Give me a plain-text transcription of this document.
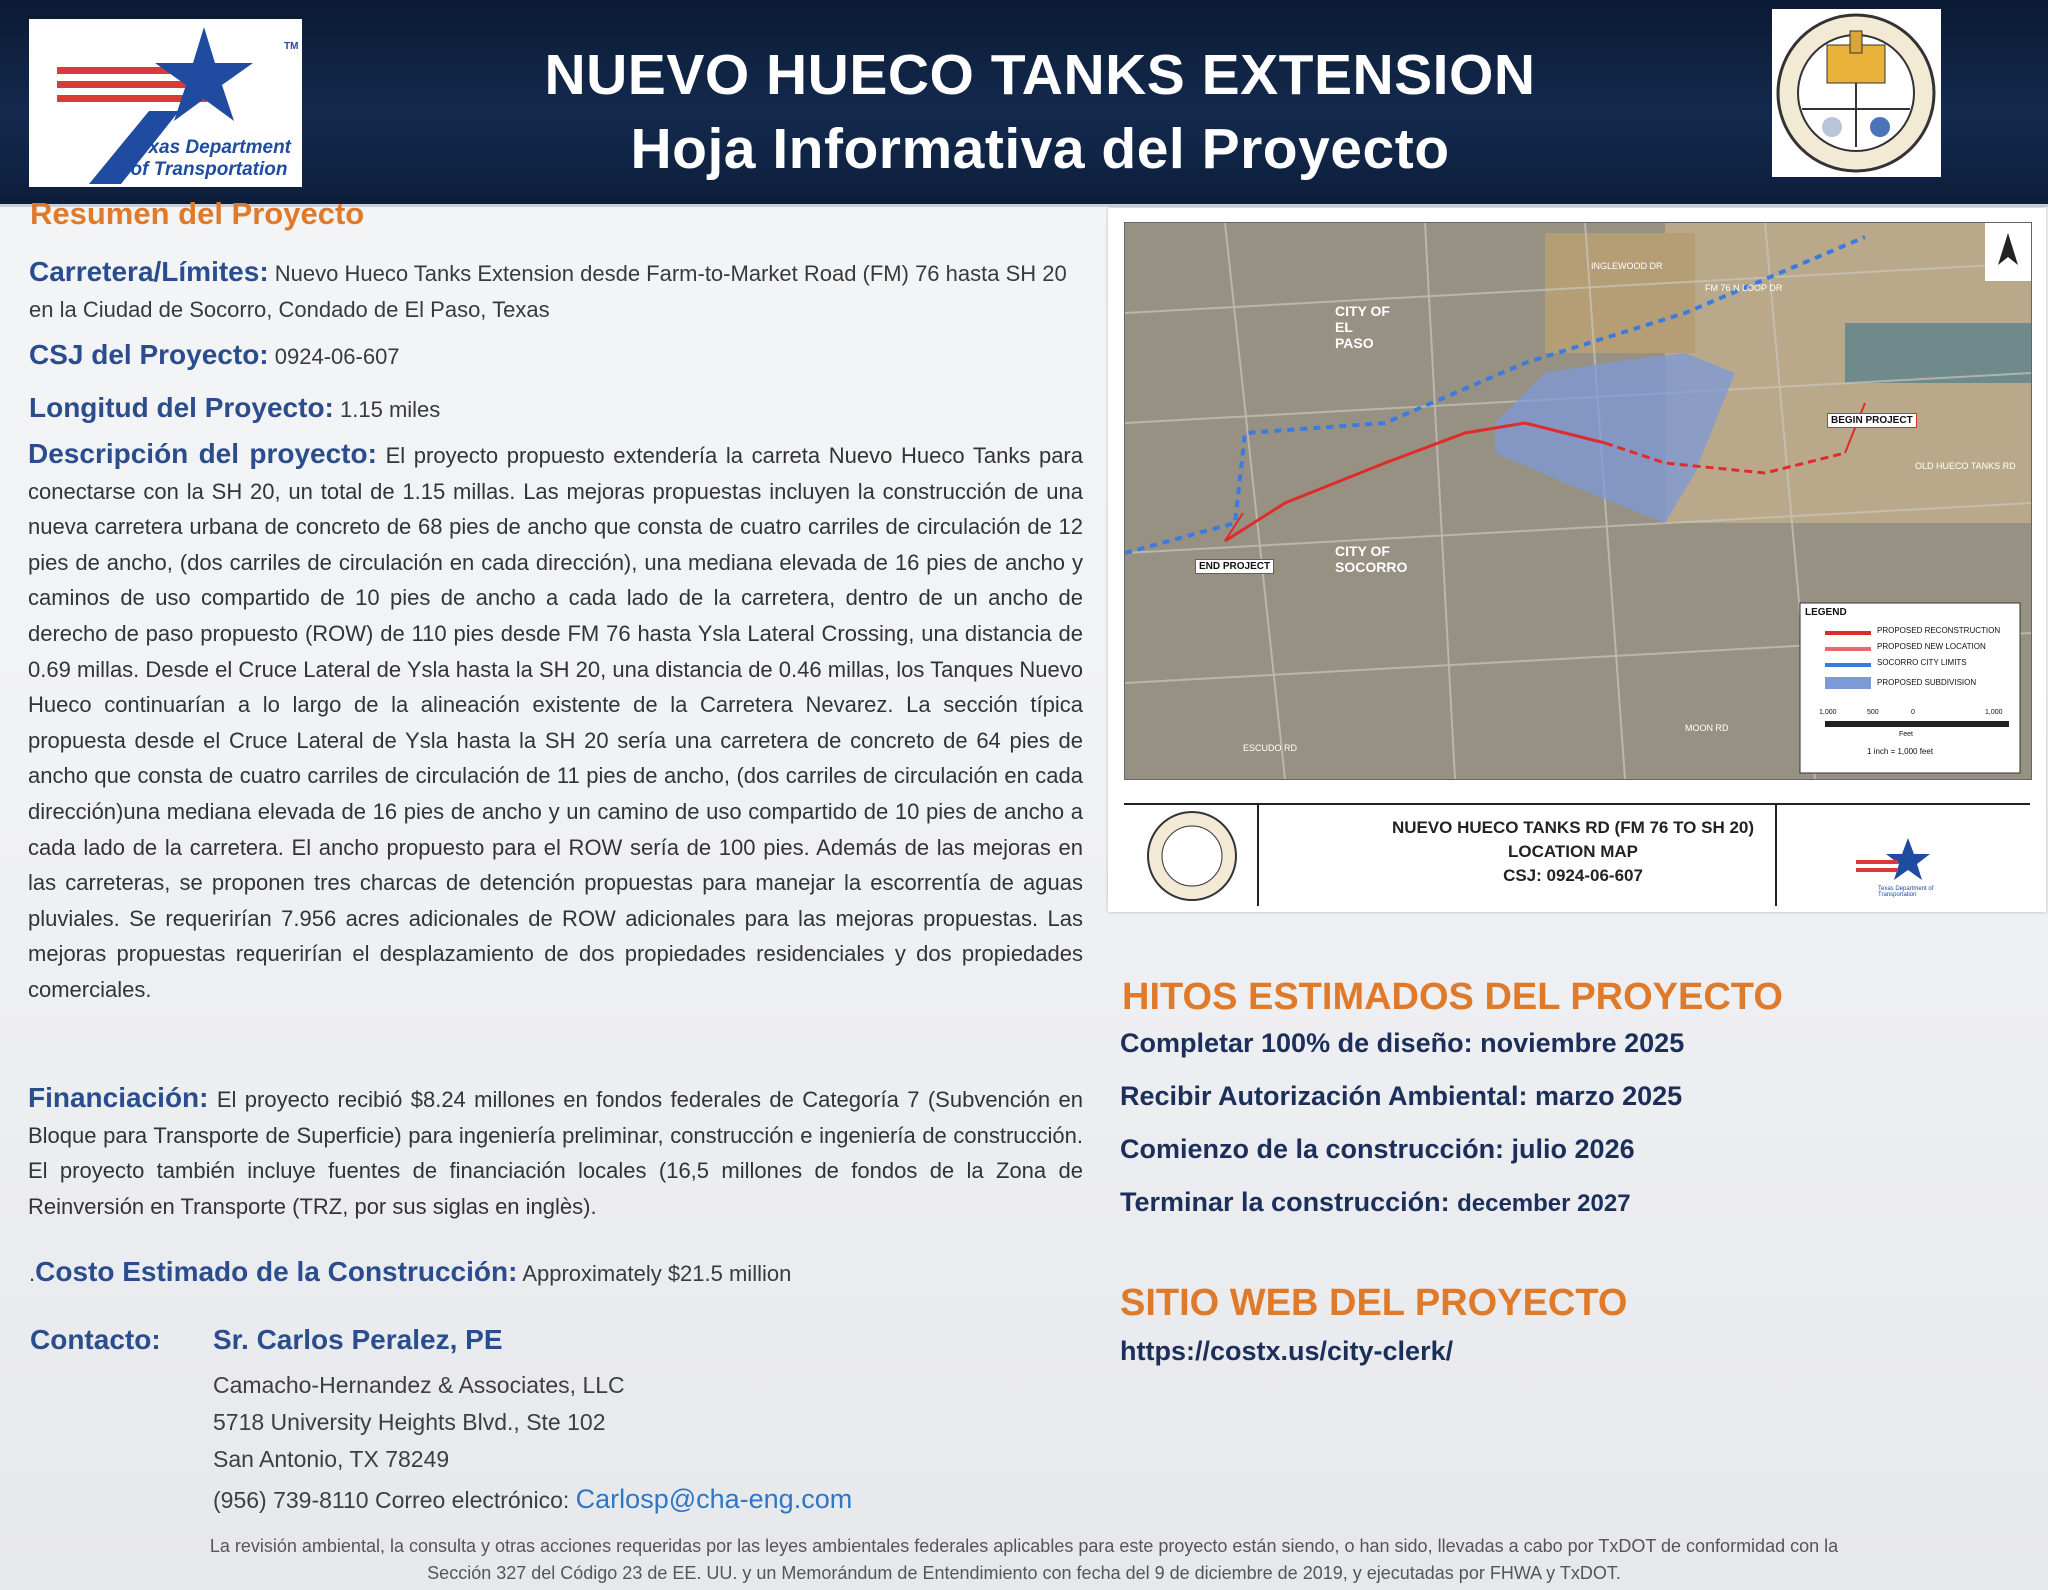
Texas Department of Transportation
TM	NUEVO HUECO TANKS EXTENSION
Hoja Informativa del Proyecto
Resumen del Proyecto
Carretera/Límites: Nuevo Hueco Tanks Extension desde Farm-to-Market Road (FM) 76 hasta SH 20 en la Ciudad de Socorro, Condado de El Paso, Texas
CSJ del Proyecto: 0924-06-607
Longitud del Proyecto: 1.15 miles
Descripción del proyecto: El proyecto propuesto extendería la carreta Nuevo Hueco Tanks para conectarse con la SH 20, un total de 1.15 millas. Las mejoras propuestas incluyen la construcción de una nueva carretera urbana de concreto de 68 pies de ancho que consta de cuatro carriles de circulación de 12 pies de ancho, (dos carriles de circulación en cada dirección), una mediana elevada de 16 pies de ancho y caminos de uso compartido de 10 pies de ancho a cada lado de la carretera, dentro de un ancho de derecho de paso propuesto (ROW) de 110 pies desde FM 76 hasta Ysla Lateral Crossing, una distancia de 0.69 millas. Desde el Cruce Lateral de Ysla hasta la SH 20, una distancia de 0.46 millas, los Tanques Nuevo Hueco continuarían a lo largo de la alineación existente de la Carretera Nevarez. La sección típica propuesta desde el Cruce Lateral de Ysla hasta la SH 20 sería una carretera de concreto de 64 pies de ancho que consta de cuatro carriles de circulación de 11 pies de ancho, (dos carriles de circulación en cada dirección)una mediana elevada de 16 pies de ancho y un camino de uso compartido de 10 pies de ancho a cada lado de la carretera. El ancho propuesto para el ROW sería de 100 pies. Además de las mejoras en las carreteras, se proponen tres charcas de detención propuestas para manejar la escorrentía de aguas pluviales. Se requerirían 7.956 acres adicionales de ROW adicionales para las mejoras propuestas. Las mejoras propuestas requerirían el desplazamiento de dos propiedades residenciales y dos propiedades comerciales.
Financiación: El proyecto recibió $8.24 millones en fondos federales de Categoría 7 (Subvención en Bloque para Transporte de Superficie) para ingeniería preliminar, construcción e ingeniería de construcción. El proyecto también incluye fuentes de financiación locales (16,5 millones de fondos de la Zona de Reinversión en Transporte (TRZ, por sus siglas en inglès).
.Costo Estimado de la Construcción: Approximately $21.5 million
Contacto: Sr. Carlos Peralez, PE
Camacho-Hernandez & Associates, LLC
5718 University Heights Blvd., Ste 102
San Antonio, TX 78249
(956) 739-8110 Correo electrónico: Carlosp@cha-eng.com
CITY OF EL PASO
CITY OF SOCORRO
BEGIN PROJECT
END PROJECT
INGLEWOOD DR
OLD HUECO TANKS RD
FM 76 N LOOP DR
ESCUDO RD
MOON RD
LEGEND
PROPOSED RECONSTRUCTION
PROPOSED NEW LOCATION
SOCORRO CITY LIMITS
PROPOSED SUBDIVISION
1,000	500	0	1,000
Feet
1 inch = 1,000 feet
NUEVO HUECO TANKS RD (FM 76 TO SH 20)
LOCATION MAP
CSJ: 0924-06-607
Texas Department of Transportation
HITOS ESTIMADOS DEL PROYECTO
Completar 100% de diseño: noviembre 2025
Recibir Autorización Ambiental: marzo 2025
Comienzo de la construcción: julio 2026
Terminar la construcción: december 2027
SITIO WEB DEL PROYECTO
https://costx.us/city-clerk/
La revisión ambiental, la consulta y otras acciones requeridas por las leyes ambientales federales aplicables para este proyecto están siendo, o han sido, llevadas a cabo por TxDOT de conformidad con la
Sección 327 del Código 23 de EE. UU. y un Memorándum de Entendimiento con fecha del 9 de diciembre de 2019, y ejecutadas por FHWA y TxDOT.
